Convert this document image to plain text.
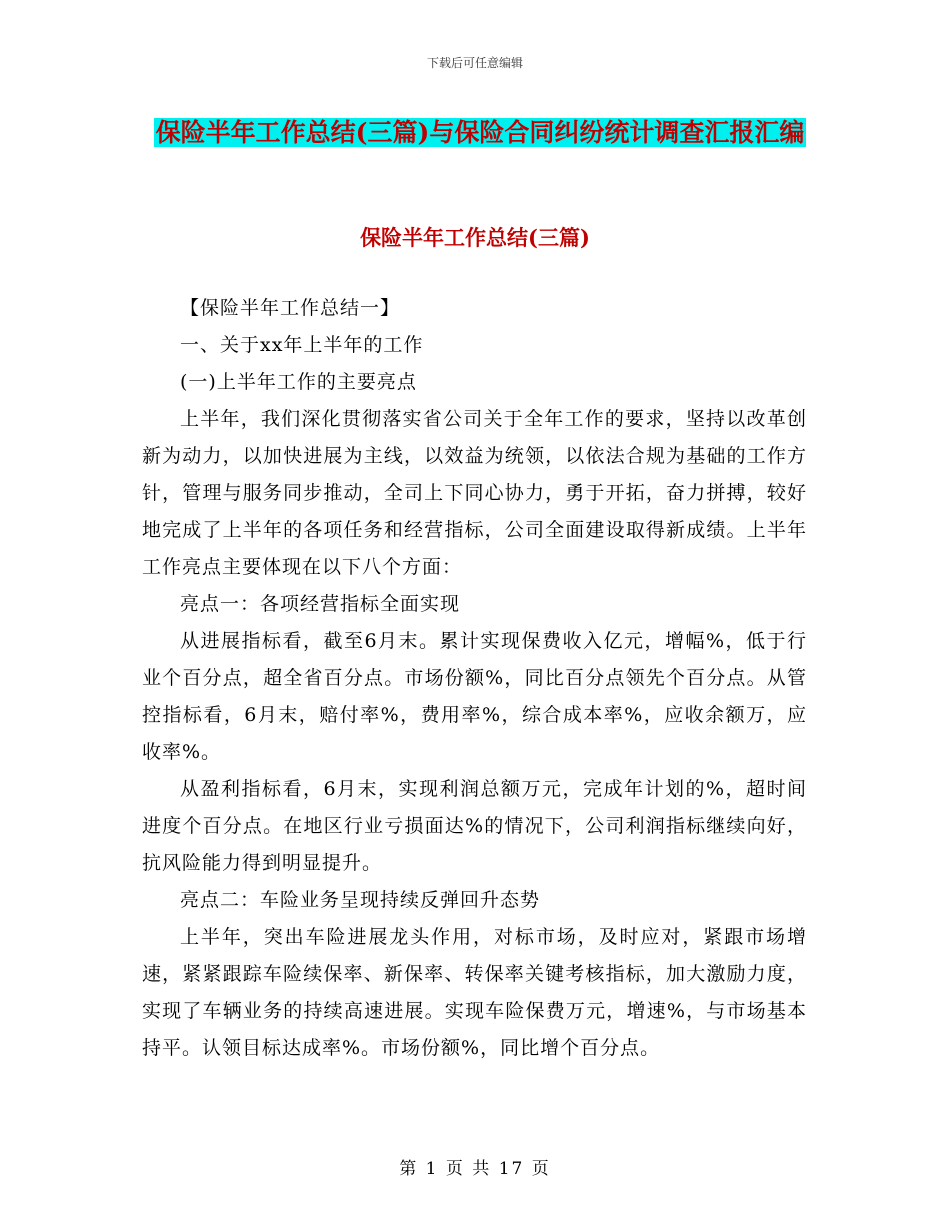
下载后可任意编辑
保险半年工作总结(三篇)与保险合同纠纷统计调查汇报汇编
保险半年工作总结(三篇)

【保险半年工作总结一】

一、关于xx年上半年的工作

(一)上半年工作的主要亮点

上半年，我们深化贯彻落实省公司关于全年工作的要求，坚持以改革创新为动力，以加快进展为主线，以效益为统领，以依法合规为基础的工作方针，管理与服务同步推动，全司上下同心协力，勇于开拓，奋力拼搏，较好地完成了上半年的各项任务和经营指标，公司全面建设取得新成绩。上半年工作亮点主要体现在以下八个方面：

亮点一：各项经营指标全面实现

从进展指标看，截至6月末。累计实现保费收入亿元，增幅%，低于行业个百分点，超全省百分点。市场份额%，同比百分点领先个百分点。从管控指标看，6月末，赔付率%，费用率%，综合成本率%，应收余额万，应收率%。

从盈利指标看，6月末，实现利润总额万元，完成年计划的%，超时间进度个百分点。在地区行业亏损面达%的情况下，公司利润指标继续向好，抗风险能力得到明显提升。

亮点二：车险业务呈现持续反弹回升态势

上半年，突出车险进展龙头作用，对标市场，及时应对，紧跟市场增速，紧紧跟踪车险续保率、新保率、转保率关键考核指标，加大激励力度，实现了车辆业务的持续高速进展。实现车险保费万元，增速%，与市场基本持平。认领目标达成率%。市场份额%，同比增个百分点。

第 1 页 共 17 页
